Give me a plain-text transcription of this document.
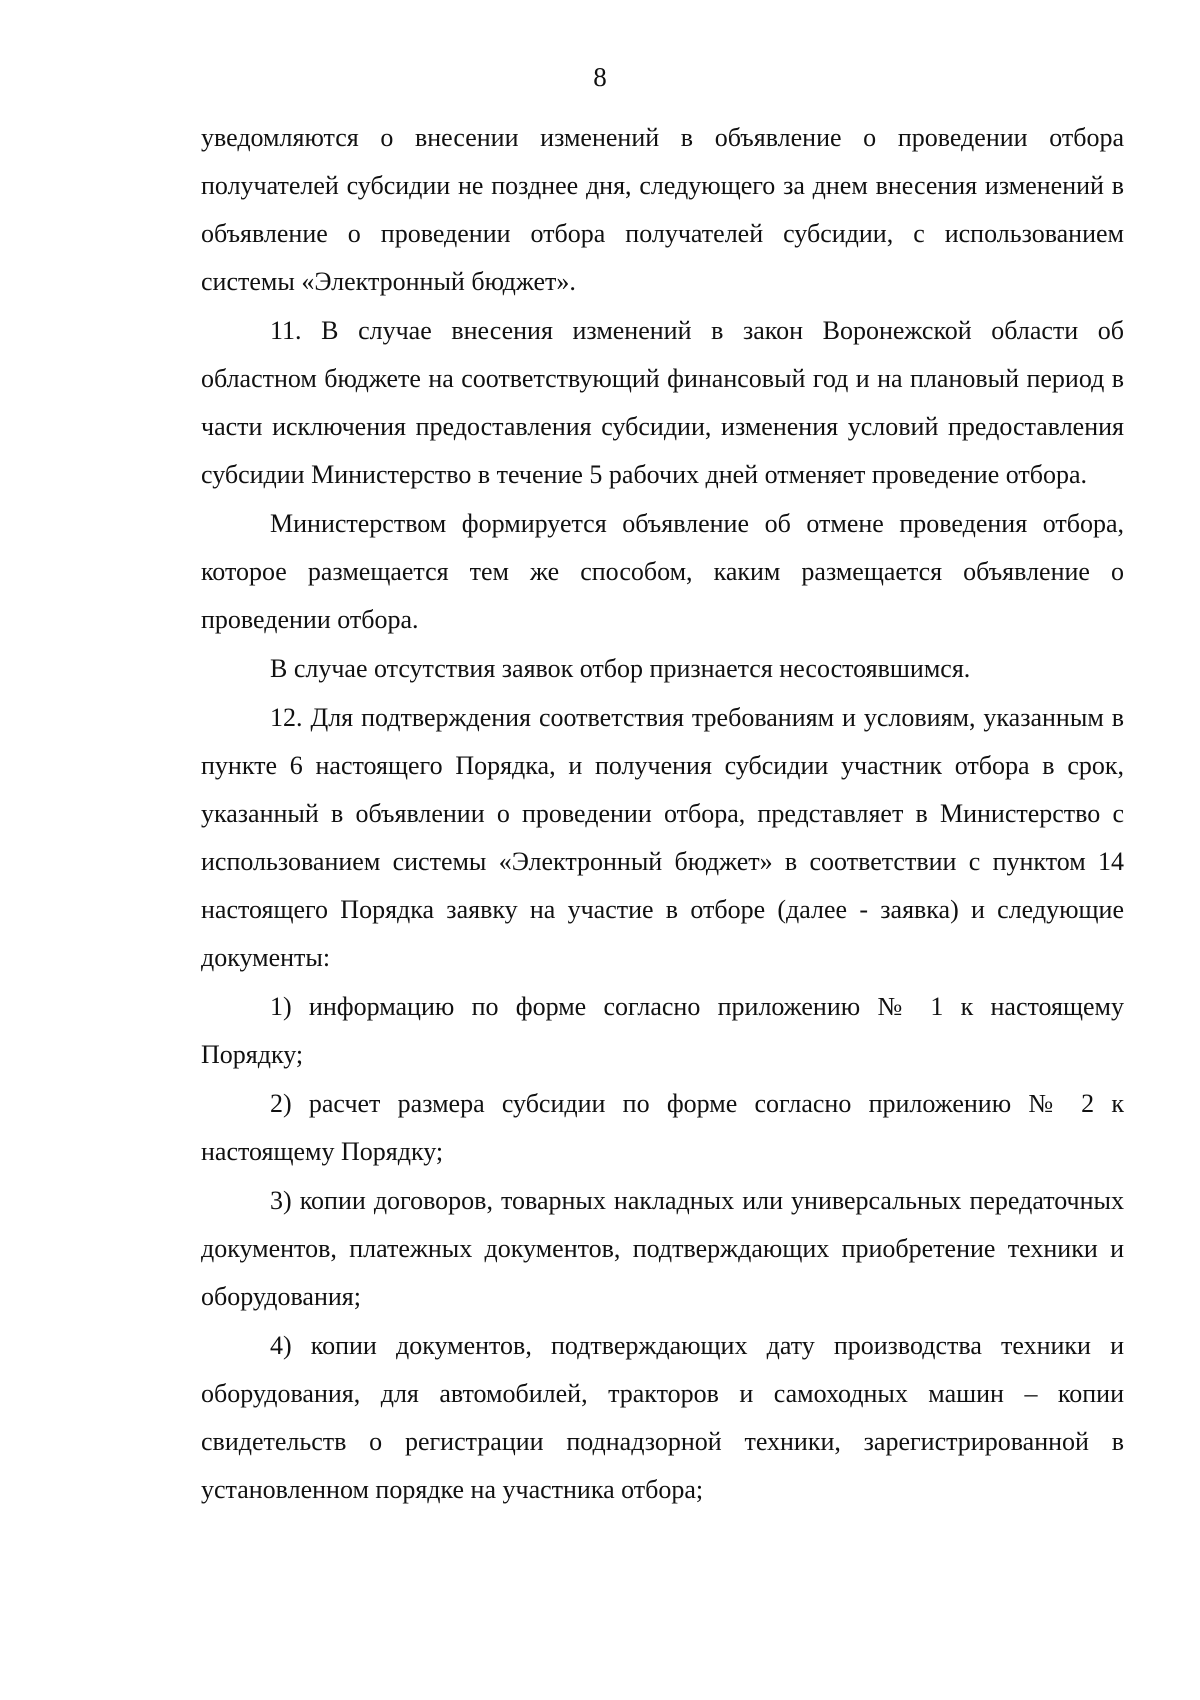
8

уведомляются о внесении изменений в объявление о проведении отбора получателей субсидии не позднее дня, следующего за днем внесения изменений в объявление о проведении отбора получателей субсидии, с использованием системы «Электронный бюджет».

11. В случае внесения изменений в закон Воронежской области об областном бюджете на соответствующий финансовый год и на плановый период в части исключения предоставления субсидии, изменения условий предоставления субсидии Министерство в течение 5 рабочих дней отменяет проведение отбора.

Министерством формируется объявление об отмене проведения отбора, которое размещается тем же способом, каким размещается объявление о проведении отбора.

В случае отсутствия заявок отбор признается несостоявшимся.

12. Для подтверждения соответствия требованиям и условиям, указанным в пункте 6 настоящего Порядка, и получения субсидии участник отбора в срок, указанный в объявлении о проведении отбора, представляет в Министерство с использованием системы «Электронный бюджет» в соответствии с пунктом 14 настоящего Порядка заявку на участие в отборе (далее - заявка) и следующие документы:

1) информацию по форме согласно приложению № 1 к настоящему Порядку;

2) расчет размера субсидии по форме согласно приложению № 2 к настоящему Порядку;

3) копии договоров, товарных накладных или универсальных передаточных документов, платежных документов, подтверждающих приобретение техники и оборудования;

4) копии документов, подтверждающих дату производства техники и оборудования, для автомобилей, тракторов и самоходных машин – копии свидетельств о регистрации поднадзорной техники, зарегистрированной в установленном порядке на участника отбора;
